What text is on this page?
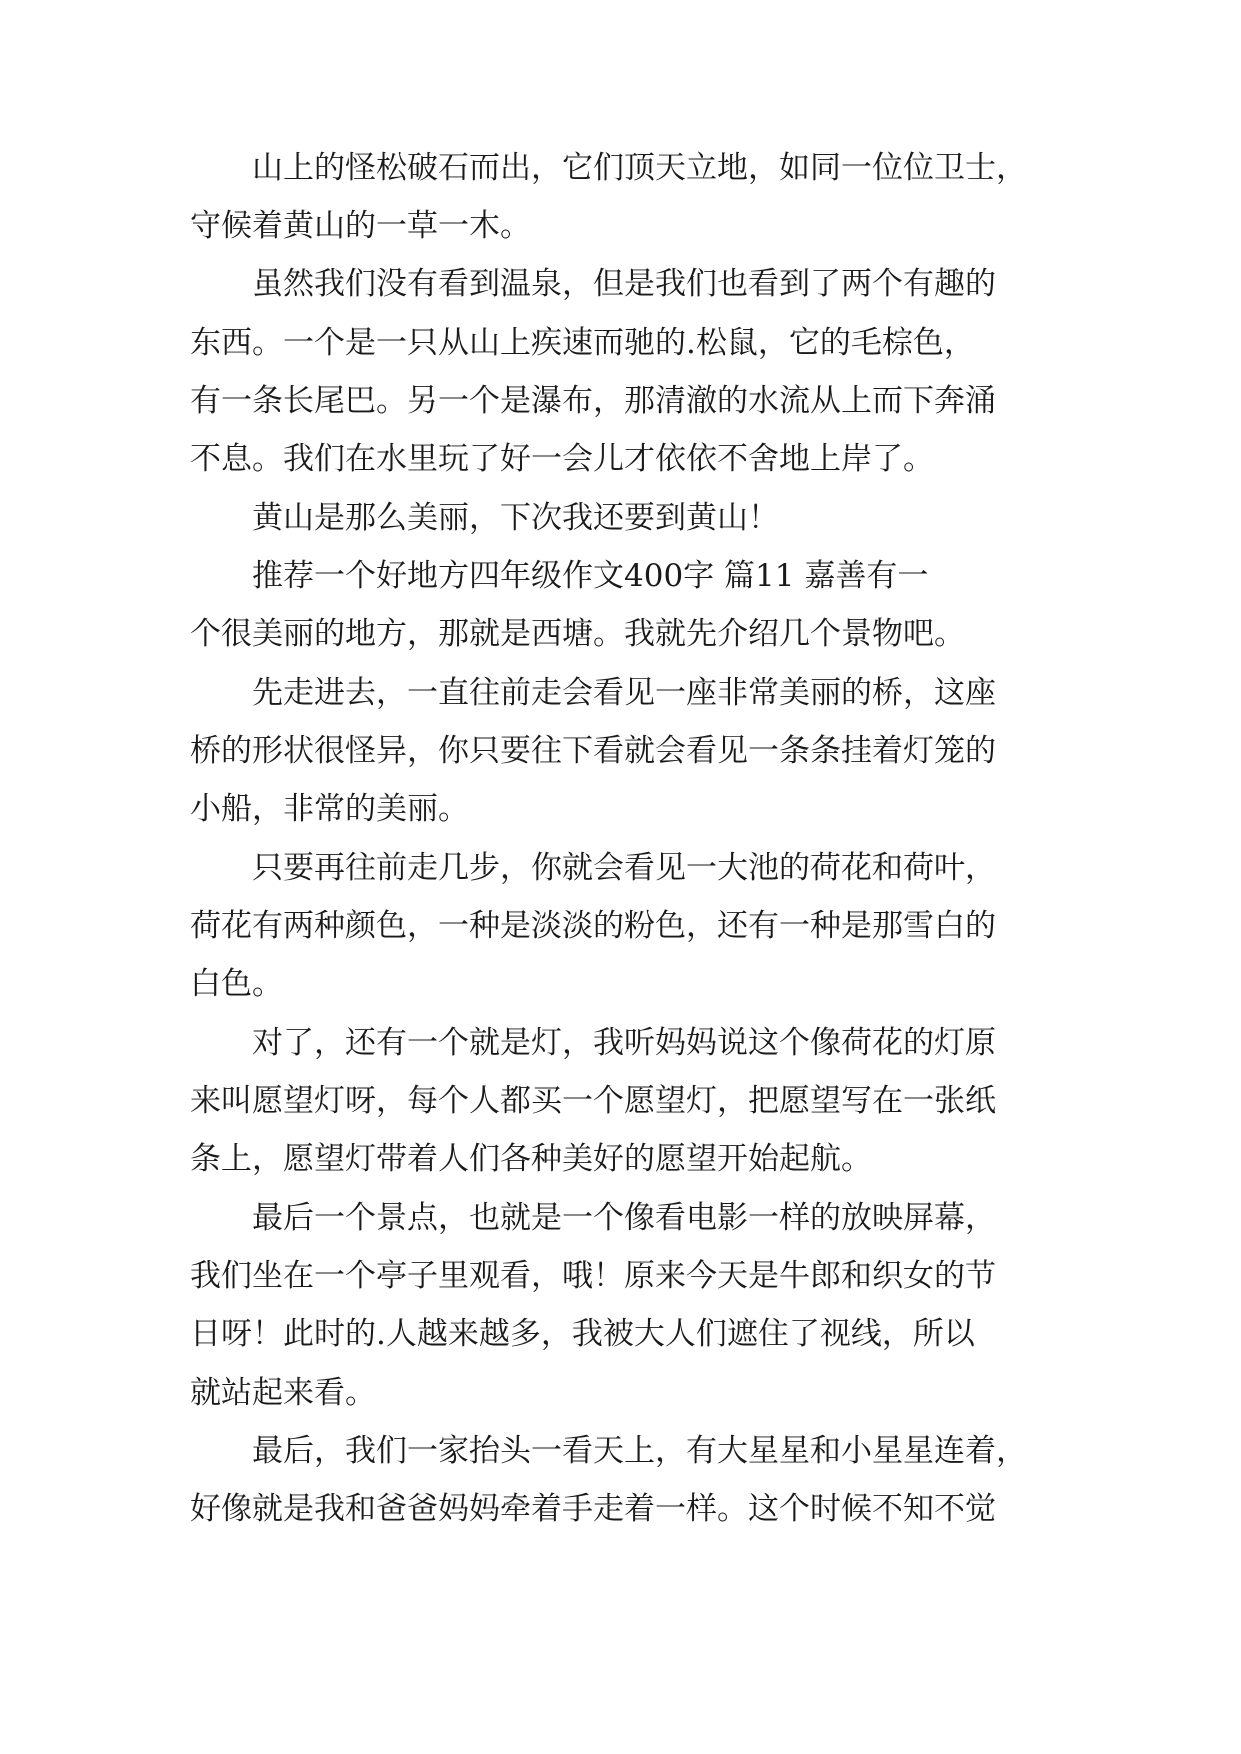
山上的怪松破石而出，它们顶天立地，如同一位位卫士，
守候着黄山的一草一木。
虽然我们没有看到温泉，但是我们也看到了两个有趣的
东西。一个是一只从山上疾速而驰的.松鼠，它的毛棕色，
有一条长尾巴。另一个是瀑布，那清澈的水流从上而下奔涌
不息。我们在水里玩了好一会儿才依依不舍地上岸了。
黄山是那么美丽，下次我还要到黄山！
推荐一个好地方四年级作文400字 篇11 嘉善有一
个很美丽的地方，那就是西塘。我就先介绍几个景物吧。
先走进去，一直往前走会看见一座非常美丽的桥，这座
桥的形状很怪异，你只要往下看就会看见一条条挂着灯笼的
小船，非常的美丽。
只要再往前走几步，你就会看见一大池的荷花和荷叶，
荷花有两种颜色，一种是淡淡的粉色，还有一种是那雪白的
白色。
对了，还有一个就是灯，我听妈妈说这个像荷花的灯原
来叫愿望灯呀，每个人都买一个愿望灯，把愿望写在一张纸
条上，愿望灯带着人们各种美好的愿望开始起航。
最后一个景点，也就是一个像看电影一样的放映屏幕，
我们坐在一个亭子里观看，哦！原来今天是牛郎和织女的节
日呀！此时的.人越来越多，我被大人们遮住了视线，所以
就站起来看。
最后，我们一家抬头一看天上，有大星星和小星星连着，
好像就是我和爸爸妈妈牵着手走着一样。这个时候不知不觉
